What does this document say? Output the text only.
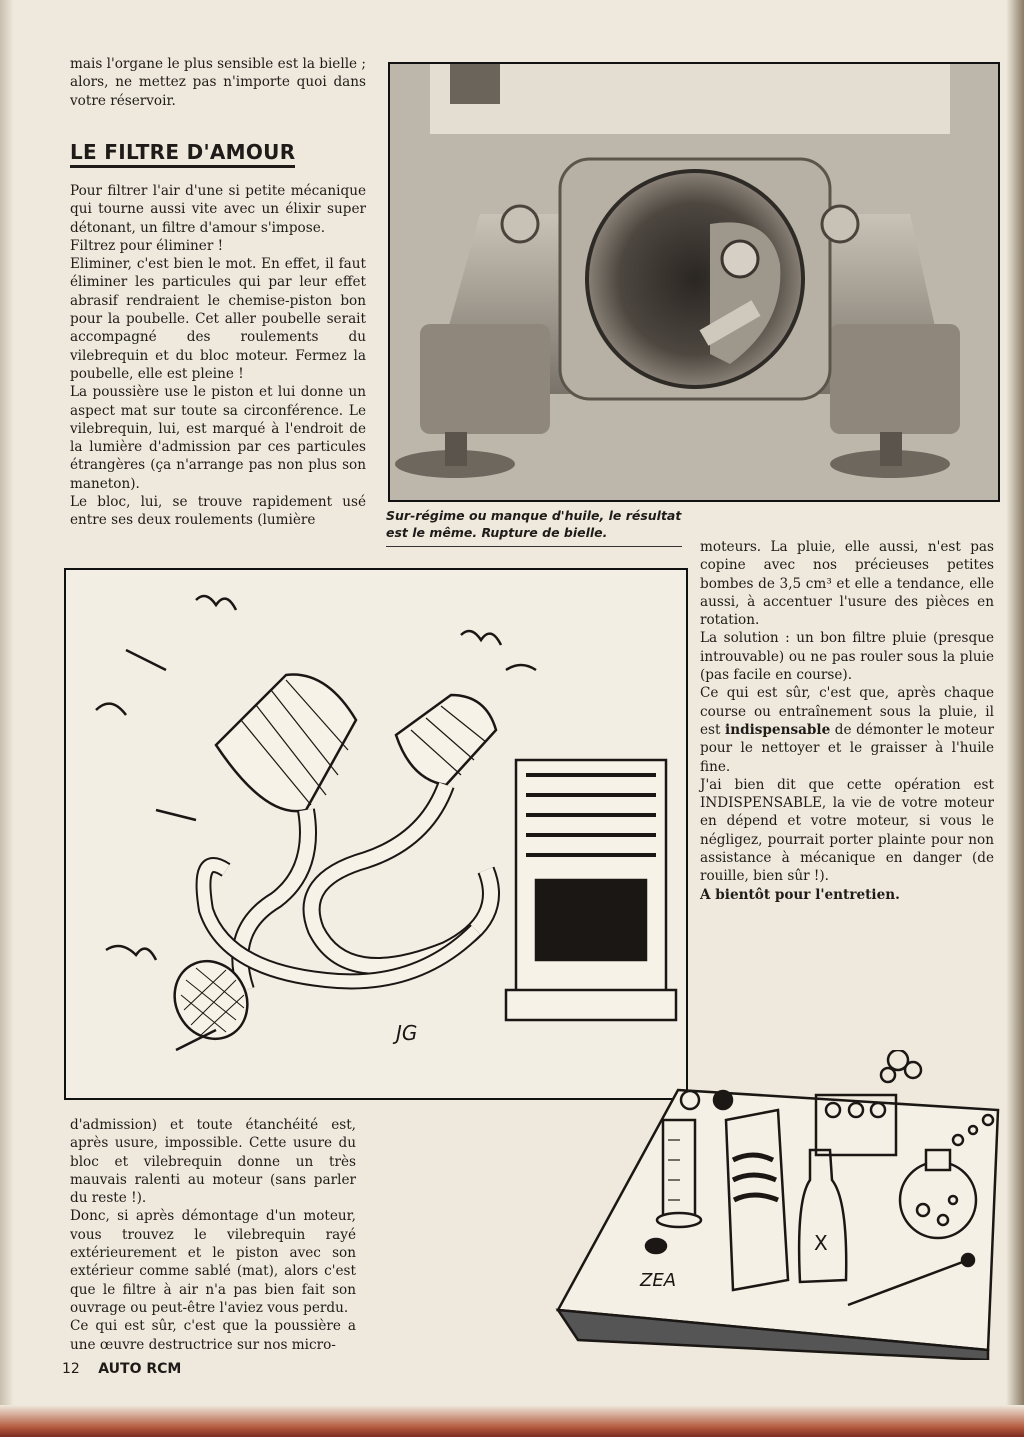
mais l'organe le plus sensible est la bielle ; alors, ne mettez pas n'importe quoi dans votre réservoir.

LE FILTRE D'AMOUR

Pour filtrer l'air d'une si petite mécanique qui tourne aussi vite avec un élixir super détonant, un filtre d'amour s'impose.

Filtrez pour éliminer !

Eliminer, c'est bien le mot. En effet, il faut éliminer les particules qui par leur effet abrasif rendraient le chemise-piston bon pour la poubelle. Cet aller poubelle serait accompagné des roulements du vilebrequin et du bloc moteur. Fermez la poubelle, elle est pleine !

La poussière use le piston et lui donne un aspect mat sur toute sa circonférence. Le vilebrequin, lui, est marqué à l'endroit de la lumière d'admission par ces particules étrangères (ça n'arrange pas non plus son maneton).

Le bloc, lui, se trouve rapidement usé entre ses deux roulements (lumière	Sur-régime ou manque d'huile, le résultat est le même. Rupture de bielle.
JG

moteurs. La pluie, elle aussi, n'est pas copine avec nos précieuses petites bombes de 3,5 cm³ et elle a tendance, elle aussi, à accentuer l'usure des pièces en rotation.

La solution : un bon filtre pluie (presque introuvable) ou ne pas rouler sous la pluie (pas facile en course).

Ce qui est sûr, c'est que, après chaque course ou entraînement sous la pluie, il est indispensable de démonter le moteur pour le nettoyer et le graisser à l'huile fine.

J'ai bien dit que cette opération est INDISPENSABLE, la vie de votre moteur en dépend et votre moteur, si vous le négligez, pourrait porter plainte pour non assistance à mécanique en danger (de rouille, bien sûr !).

A bientôt pour l'entretien.

X
ZEA

d'admission) et toute étanchéité est, après usure, impossible. Cette usure du bloc et vilebrequin donne un très mauvais ralenti au moteur (sans parler du reste !).

Donc, si après démontage d'un moteur, vous trouvez le vilebrequin rayé extérieurement et le piston avec son extérieur comme sablé (mat), alors c'est que le filtre à air n'a pas bien fait son ouvrage ou peut-être l'aviez vous perdu.

Ce qui est sûr, c'est que la poussière a une œuvre destructrice sur nos micro-

12 AUTO RCM
